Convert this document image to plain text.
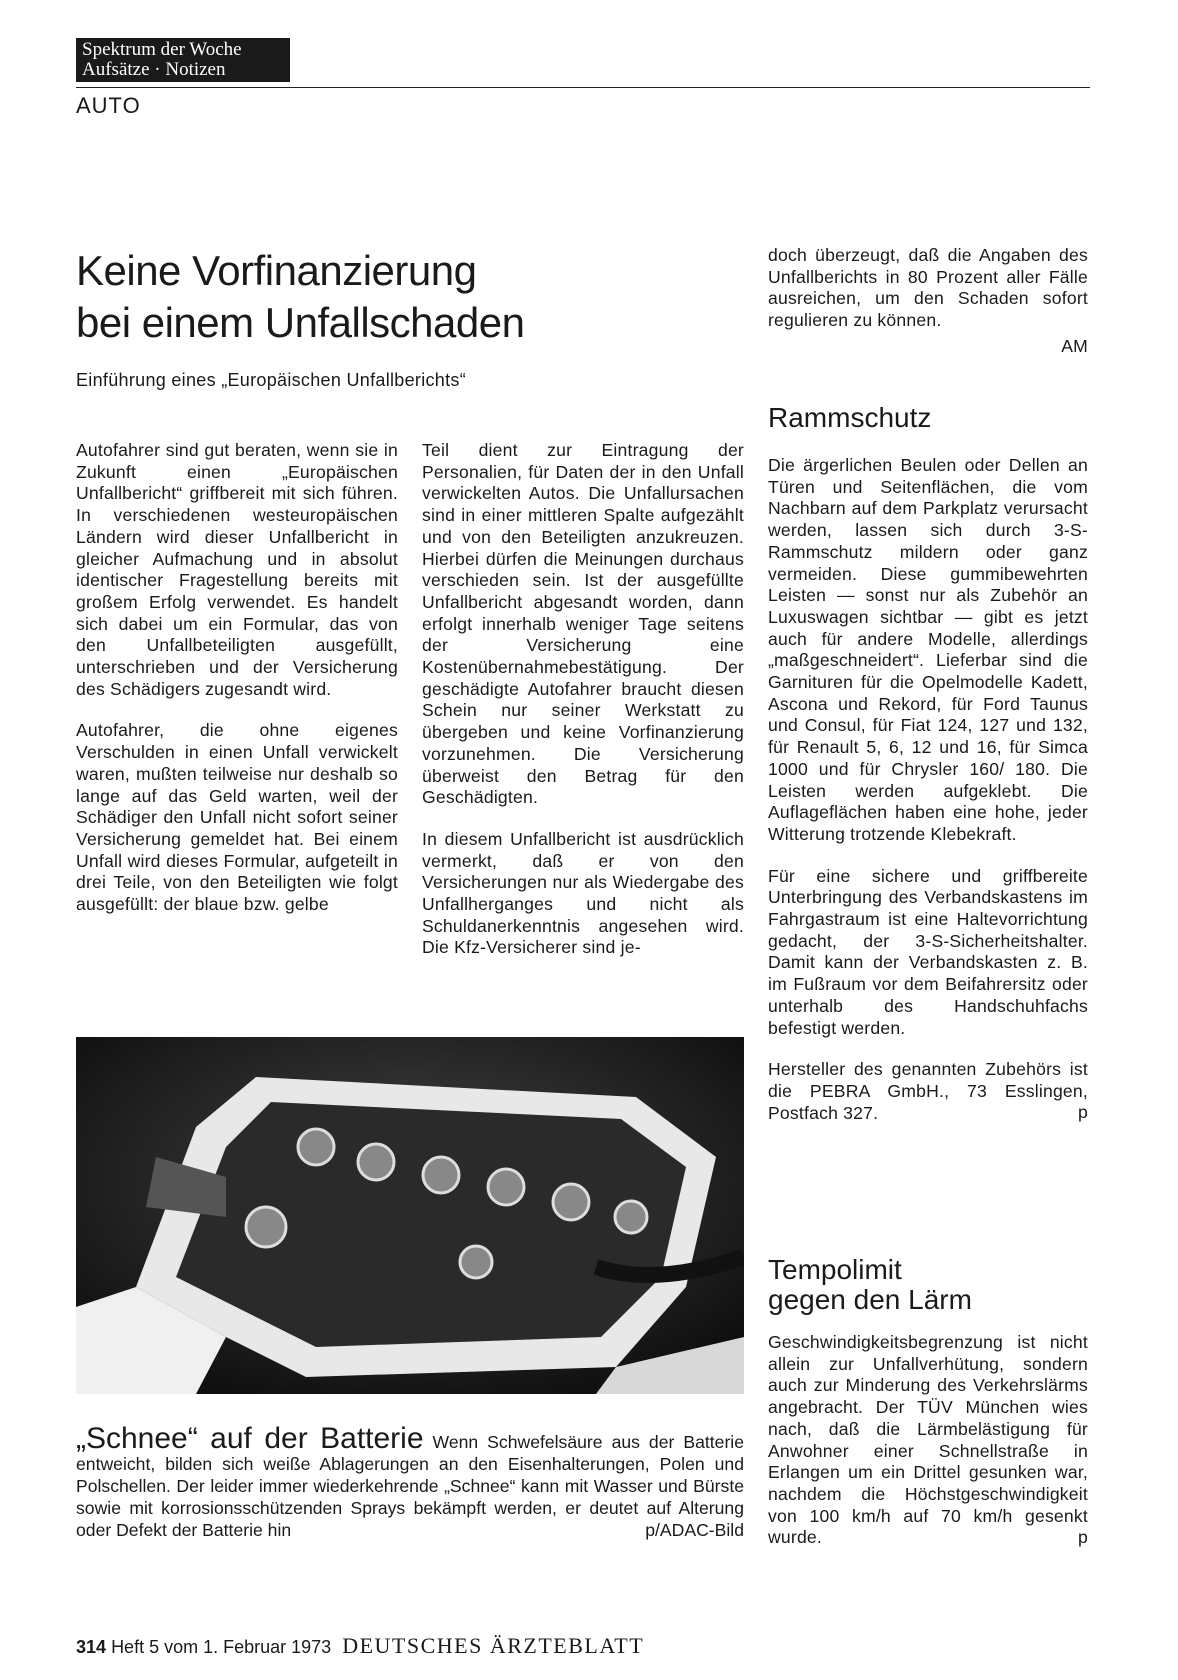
Spektrum der Woche
Aufsätze · Notizen
AUTO
Keine Vorfinanzierung
bei einem Unfallschaden
Einführung eines „Europäischen Unfallberichts“

Autofahrer sind gut beraten, wenn sie in Zukunft einen „Europäischen Unfallbericht“ griffbereit mit sich führen. In verschiedenen westeuropäischen Ländern wird dieser Unfallbericht in gleicher Aufmachung und in absolut identischer Fragestellung bereits mit großem Erfolg verwendet. Es handelt sich dabei um ein Formular, das von den Unfallbeteiligten ausgefüllt, unterschrieben und der Versicherung des Schädigers zugesandt wird.

Autofahrer, die ohne eigenes Verschulden in einen Unfall verwickelt waren, mußten teilweise nur deshalb so lange auf das Geld warten, weil der Schädiger den Unfall nicht sofort seiner Versicherung gemeldet hat. Bei einem Unfall wird dieses Formular, aufgeteilt in drei Teile, von den Beteiligten wie folgt ausgefüllt: der blaue bzw. gelbe

Teil dient zur Eintragung der Personalien, für Daten der in den Unfall verwickelten Autos. Die Unfallursachen sind in einer mittleren Spalte aufgezählt und von den Beteiligten anzukreuzen. Hierbei dürfen die Meinungen durchaus verschieden sein. Ist der ausgefüllte Unfallbericht abgesandt worden, dann erfolgt innerhalb weniger Tage seitens der Versicherung eine Kostenübernahmebestätigung. Der geschädigte Autofahrer braucht diesen Schein nur seiner Werkstatt zu übergeben und keine Vorfinanzierung vorzunehmen. Die Versicherung überweist den Betrag für den Geschädigten.

In diesem Unfallbericht ist ausdrücklich vermerkt, daß er von den Versicherungen nur als Wiedergabe des Unfallherganges und nicht als Schuldanerkenntnis angesehen wird. Die Kfz-Versicherer sind je-

doch überzeugt, daß die Angaben des Unfallberichts in 80 Prozent aller Fälle ausreichen, um den Schaden sofort regulieren zu können.

AM
Rammschutz

Die ärgerlichen Beulen oder Dellen an Türen und Seitenflächen, die vom Nachbarn auf dem Parkplatz verursacht werden, lassen sich durch 3-S-Rammschutz mildern oder ganz vermeiden. Diese gummibewehrten Leisten — sonst nur als Zubehör an Luxuswagen sichtbar — gibt es jetzt auch für andere Modelle, allerdings „maßgeschneidert“. Lieferbar sind die Garnituren für die Opelmodelle Kadett, Ascona und Rekord, für Ford Taunus und Consul, für Fiat 124, 127 und 132, für Renault 5, 6, 12 und 16, für Simca 1000 und für Chrysler 160/ 180. Die Leisten werden aufgeklebt. Die Auflageflächen haben eine hohe, jeder Witterung trotzende Klebekraft.

Für eine sichere und griffbereite Unterbringung des Verbandskastens im Fahrgastraum ist eine Haltevorrichtung gedacht, der 3-S-Sicherheitshalter. Damit kann der Verbandskasten z. B. im Fußraum vor dem Beifahrersitz oder unterhalb des Handschuhfachs befestigt werden.

Hersteller des genannten Zubehörs ist die PEBRA GmbH., 73 Esslingen, Postfach 327.	p
Tempolimit
gegen den Lärm
Geschwindigkeitsbegrenzung ist nicht allein zur Unfallverhütung, sondern auch zur Minderung des Verkehrslärms angebracht. Der TÜV München wies nach, daß die Lärmbelästigung für Anwohner einer Schnellstraße in Erlangen um ein Drittel gesunken war, nachdem die Höchstgeschwindigkeit von 100 km/h auf 70 km/h gesenkt wurde.	p
„Schnee“ auf der Batterie Wenn Schwefelsäure aus der Batterie entweicht, bilden sich weiße Ablagerungen an den Eisenhalterungen, Polen und Polschellen. Der leider immer wiederkehrende „Schnee“ kann mit Wasser und Bürste sowie mit korrosionsschützenden Sprays bekämpft werden, er deutet auf Alterung oder Defekt der Batterie hin	p/ADAC-Bild
314 Heft 5 vom 1. Februar 1973 DEUTSCHES ÄRZTEBLATT
